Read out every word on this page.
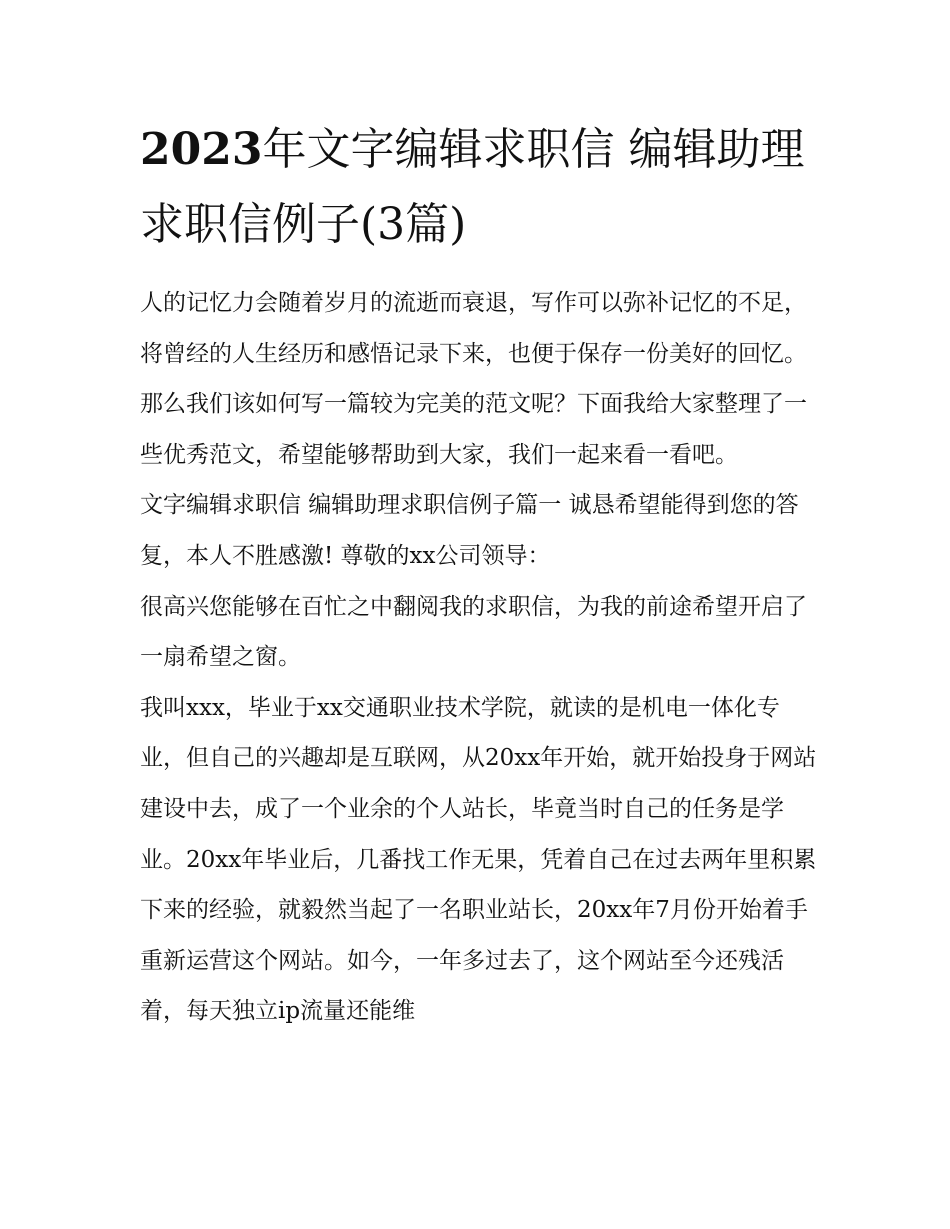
2023年文字编辑求职信 编辑助理求职信例子(3篇)

人的记忆力会随着岁月的流逝而衰退，写作可以弥补记忆的不足，将曾经的人生经历和感悟记录下来，也便于保存一份美好的回忆。那么我们该如何写一篇较为完美的范文呢？下面我给大家整理了一些优秀范文，希望能够帮助到大家，我们一起来看一看吧。

文字编辑求职信 编辑助理求职信例子篇一 诚恳希望能得到您的答复，本人不胜感激! 尊敬的xx公司领导：

很高兴您能够在百忙之中翻阅我的求职信，为我的前途希望开启了一扇希望之窗。

我叫xxx，毕业于xx交通职业技术学院，就读的是机电一体化专业，但自己的兴趣却是互联网，从20xx年开始，就开始投身于网站建设中去，成了一个业余的个人站长，毕竟当时自己的任务是学业。20xx年毕业后，几番找工作无果，凭着自己在过去两年里积累下来的经验，就毅然当起了一名职业站长，20xx年7月份开始着手重新运营这个网站。如今，一年多过去了，这个网站至今还残活着，每天独立ip流量还能维
